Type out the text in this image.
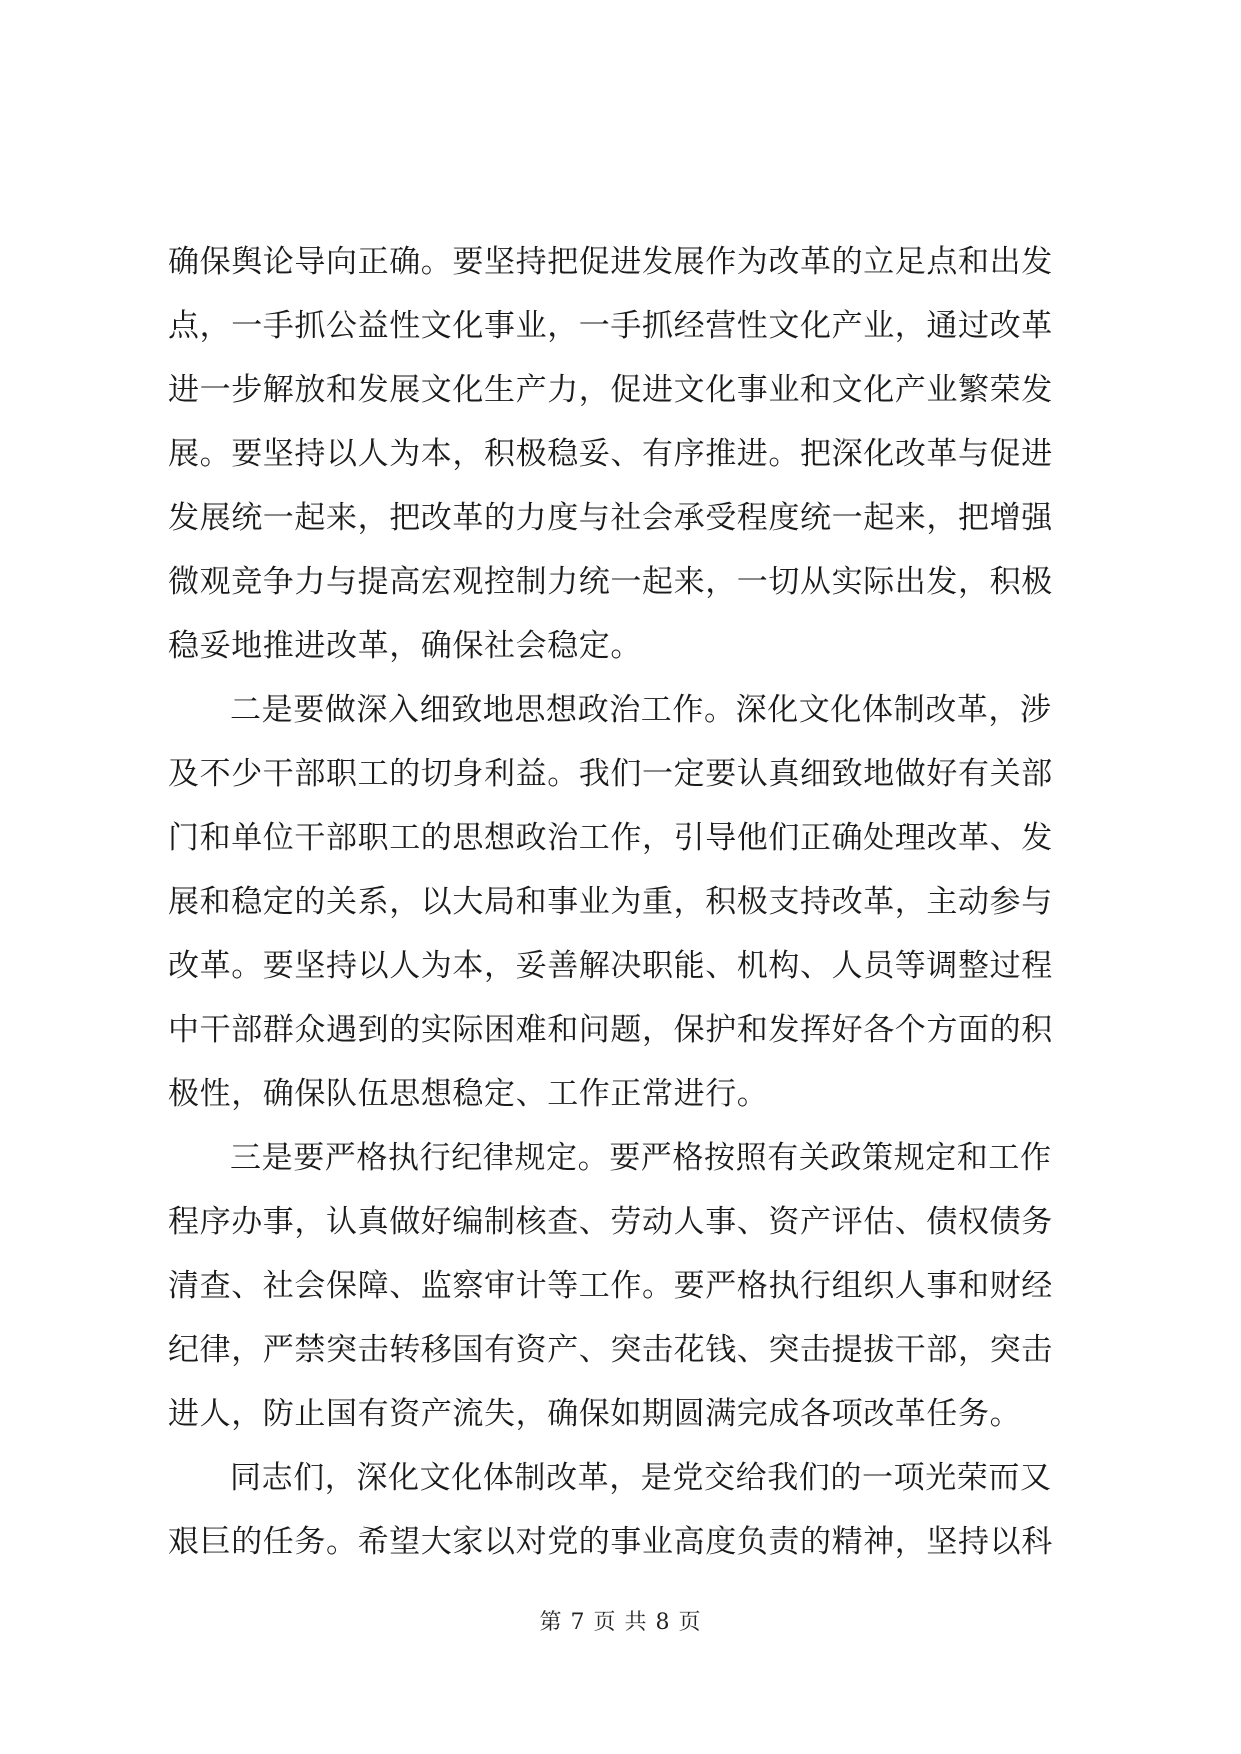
确保舆论导向正确。要坚持把促进发展作为改革的立足点和出发
点，一手抓公益性文化事业，一手抓经营性文化产业，通过改革
进一步解放和发展文化生产力，促进文化事业和文化产业繁荣发
展。要坚持以人为本，积极稳妥、有序推进。把深化改革与促进
发展统一起来，把改革的力度与社会承受程度统一起来，把增强
微观竞争力与提高宏观控制力统一起来，一切从实际出发，积极
稳妥地推进改革，确保社会稳定。
二是要做深入细致地思想政治工作。深化文化体制改革，涉
及不少干部职工的切身利益。我们一定要认真细致地做好有关部
门和单位干部职工的思想政治工作，引导他们正确处理改革、发
展和稳定的关系，以大局和事业为重，积极支持改革，主动参与
改革。要坚持以人为本，妥善解决职能、机构、人员等调整过程
中干部群众遇到的实际困难和问题，保护和发挥好各个方面的积
极性，确保队伍思想稳定、工作正常进行。
三是要严格执行纪律规定。要严格按照有关政策规定和工作
程序办事，认真做好编制核查、劳动人事、资产评估、债权债务
清查、社会保障、监察审计等工作。要严格执行组织人事和财经
纪律，严禁突击转移国有资产、突击花钱、突击提拔干部，突击
进人，防止国有资产流失，确保如期圆满完成各项改革任务。
同志们，深化文化体制改革，是党交给我们的一项光荣而又
艰巨的任务。希望大家以对党的事业高度负责的精神，坚持以科
第 7 页 共 8 页
